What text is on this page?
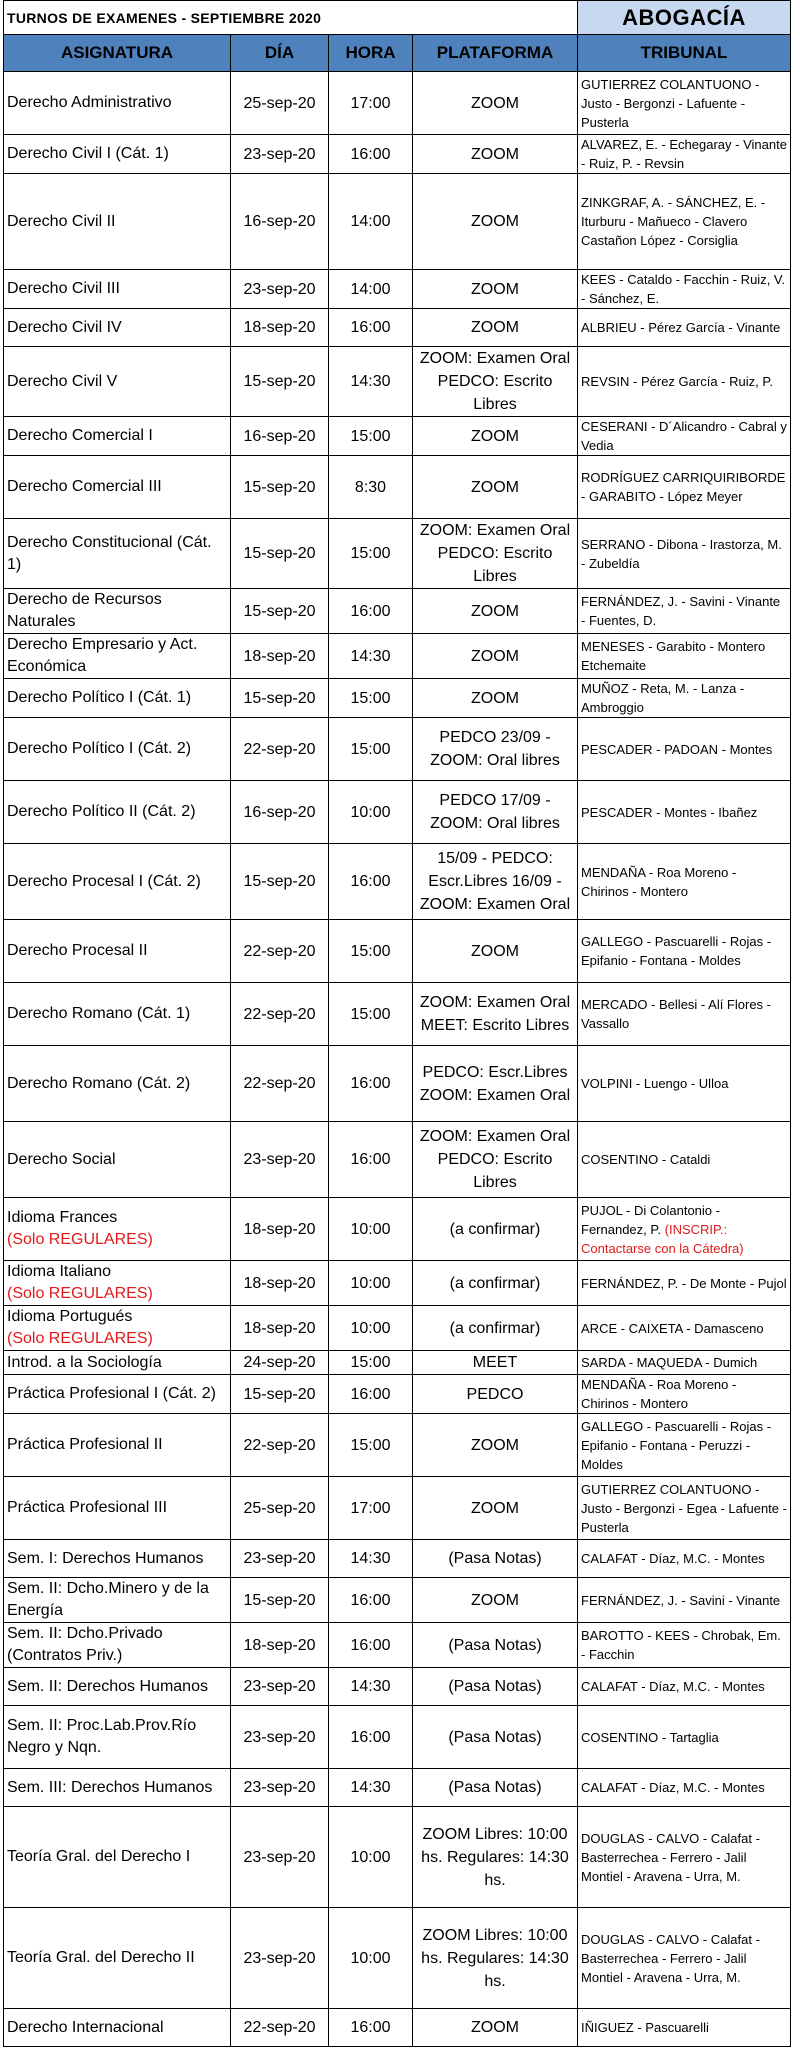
TURNOS DE EXAMENES - SEPTIEMBRE 2020				ABOGACÍA
ASIGNATURA	DÍA	HORA	PLATAFORMA	TRIBUNAL
Derecho Administrativo	25-sep-20	17:00	ZOOM	GUTIERREZ COLANTUONO - Justo - Bergonzi - Lafuente - Pusterla
Derecho Civil I (Cát. 1)	23-sep-20	16:00	ZOOM	ALVAREZ, E. - Echegaray - Vinante - Ruiz, P. - Revsin
Derecho Civil II	16-sep-20	14:00	ZOOM	ZINKGRAF, A. - SÁNCHEZ, E. - Iturburu - Mañueco - Clavero Castañon López - Corsiglia
Derecho Civil III	23-sep-20	14:00	ZOOM	KEES - Cataldo - Facchin - Ruiz, V. - Sánchez, E.
Derecho Civil IV	18-sep-20	16:00	ZOOM	ALBRIEU - Pérez García - Vinante
Derecho Civil V	15-sep-20	14:30	ZOOM: Examen Oral PEDCO: Escrito Libres	REVSIN - Pérez García - Ruiz, P.
Derecho Comercial I	16-sep-20	15:00	ZOOM	CESERANI - D´Alicandro - Cabral y Vedia
Derecho Comercial III	15-sep-20	8:30	ZOOM	RODRÍGUEZ CARRIQUIRIBORDE - GARABITO - López Meyer
Derecho Constitucional (Cát. 1)	15-sep-20	15:00	ZOOM: Examen Oral PEDCO: Escrito Libres	SERRANO - Dibona - Irastorza, M. - Zubeldía
Derecho de Recursos Naturales	15-sep-20	16:00	ZOOM	FERNÁNDEZ, J. - Savini - Vinante - Fuentes, D.
Derecho Empresario y Act. Económica	18-sep-20	14:30	ZOOM	MENESES - Garabito - Montero Etchemaite
Derecho Político I (Cát. 1)	15-sep-20	15:00	ZOOM	MUÑOZ - Reta, M. - Lanza - Ambroggio
Derecho Político I (Cát. 2)	22-sep-20	15:00	PEDCO 23/09 - ZOOM: Oral libres	PESCADER - PADOAN - Montes
Derecho Político II (Cát. 2)	16-sep-20	10:00	PEDCO 17/09 - ZOOM: Oral libres	PESCADER - Montes - Ibañez
Derecho Procesal I (Cát. 2)	15-sep-20	16:00	15/09 - PEDCO: Escr.Libres 16/09 - ZOOM: Examen Oral	MENDAÑA - Roa Moreno - Chirinos - Montero
Derecho Procesal II	22-sep-20	15:00	ZOOM	GALLEGO - Pascuarelli - Rojas - Epifanio - Fontana - Moldes
Derecho Romano (Cát. 1)	22-sep-20	15:00	ZOOM: Examen Oral MEET: Escrito Libres	MERCADO - Bellesi - Alí Flores - Vassallo
Derecho Romano (Cát. 2)	22-sep-20	16:00	PEDCO: Escr.Libres ZOOM: Examen Oral	VOLPINI - Luengo - Ulloa
Derecho Social	23-sep-20	16:00	ZOOM: Examen Oral PEDCO: Escrito Libres	COSENTINO - Cataldi
Idioma Frances
(Solo REGULARES)	18-sep-20	10:00	(a confirmar)	PUJOL - Di Colantonio - Fernandez, P. (INSCRIP.: Contactarse con la Cátedra)
Idioma Italiano
(Solo REGULARES)	18-sep-20	10:00	(a confirmar)	FERNÁNDEZ, P. - De Monte - Pujol
Idioma Portugués
(Solo REGULARES)	18-sep-20	10:00	(a confirmar)	ARCE - CAIXETA - Damasceno
Introd. a la Sociología	24-sep-20	15:00	MEET	SARDA - MAQUEDA - Dumich
Práctica Profesional I (Cát. 2)	15-sep-20	16:00	PEDCO	MENDAÑA - Roa Moreno - Chirinos - Montero
Práctica Profesional II	22-sep-20	15:00	ZOOM	GALLEGO - Pascuarelli - Rojas - Epifanio - Fontana - Peruzzi - Moldes
Práctica Profesional III	25-sep-20	17:00	ZOOM	GUTIERREZ COLANTUONO - Justo - Bergonzi - Egea - Lafuente - Pusterla
Sem. I: Derechos Humanos	23-sep-20	14:30	(Pasa Notas)	CALAFAT - Díaz, M.C. - Montes
Sem. II: Dcho.Minero y de la Energía	15-sep-20	16:00	ZOOM	FERNÁNDEZ, J. - Savini - Vinante
Sem. II: Dcho.Privado (Contratos Priv.)	18-sep-20	16:00	(Pasa Notas)	BAROTTO - KEES - Chrobak, Em. - Facchin
Sem. II: Derechos Humanos	23-sep-20	14:30	(Pasa Notas)	CALAFAT - Díaz, M.C. - Montes
Sem. II: Proc.Lab.Prov.Río Negro y Nqn.	23-sep-20	16:00	(Pasa Notas)	COSENTINO - Tartaglia
Sem. III: Derechos Humanos	23-sep-20	14:30	(Pasa Notas)	CALAFAT - Díaz, M.C. - Montes
Teoría Gral. del Derecho I	23-sep-20	10:00	ZOOM Libres: 10:00 hs. Regulares: 14:30 hs.	DOUGLAS - CALVO - Calafat - Basterrechea - Ferrero - Jalil Montiel - Aravena - Urra, M.
Teoría Gral. del Derecho II	23-sep-20	10:00	ZOOM Libres: 10:00 hs. Regulares: 14:30 hs.	DOUGLAS - CALVO - Calafat - Basterrechea - Ferrero - Jalil Montiel - Aravena - Urra, M.
Derecho Internacional	22-sep-20	16:00	ZOOM	IÑIGUEZ - Pascuarelli
